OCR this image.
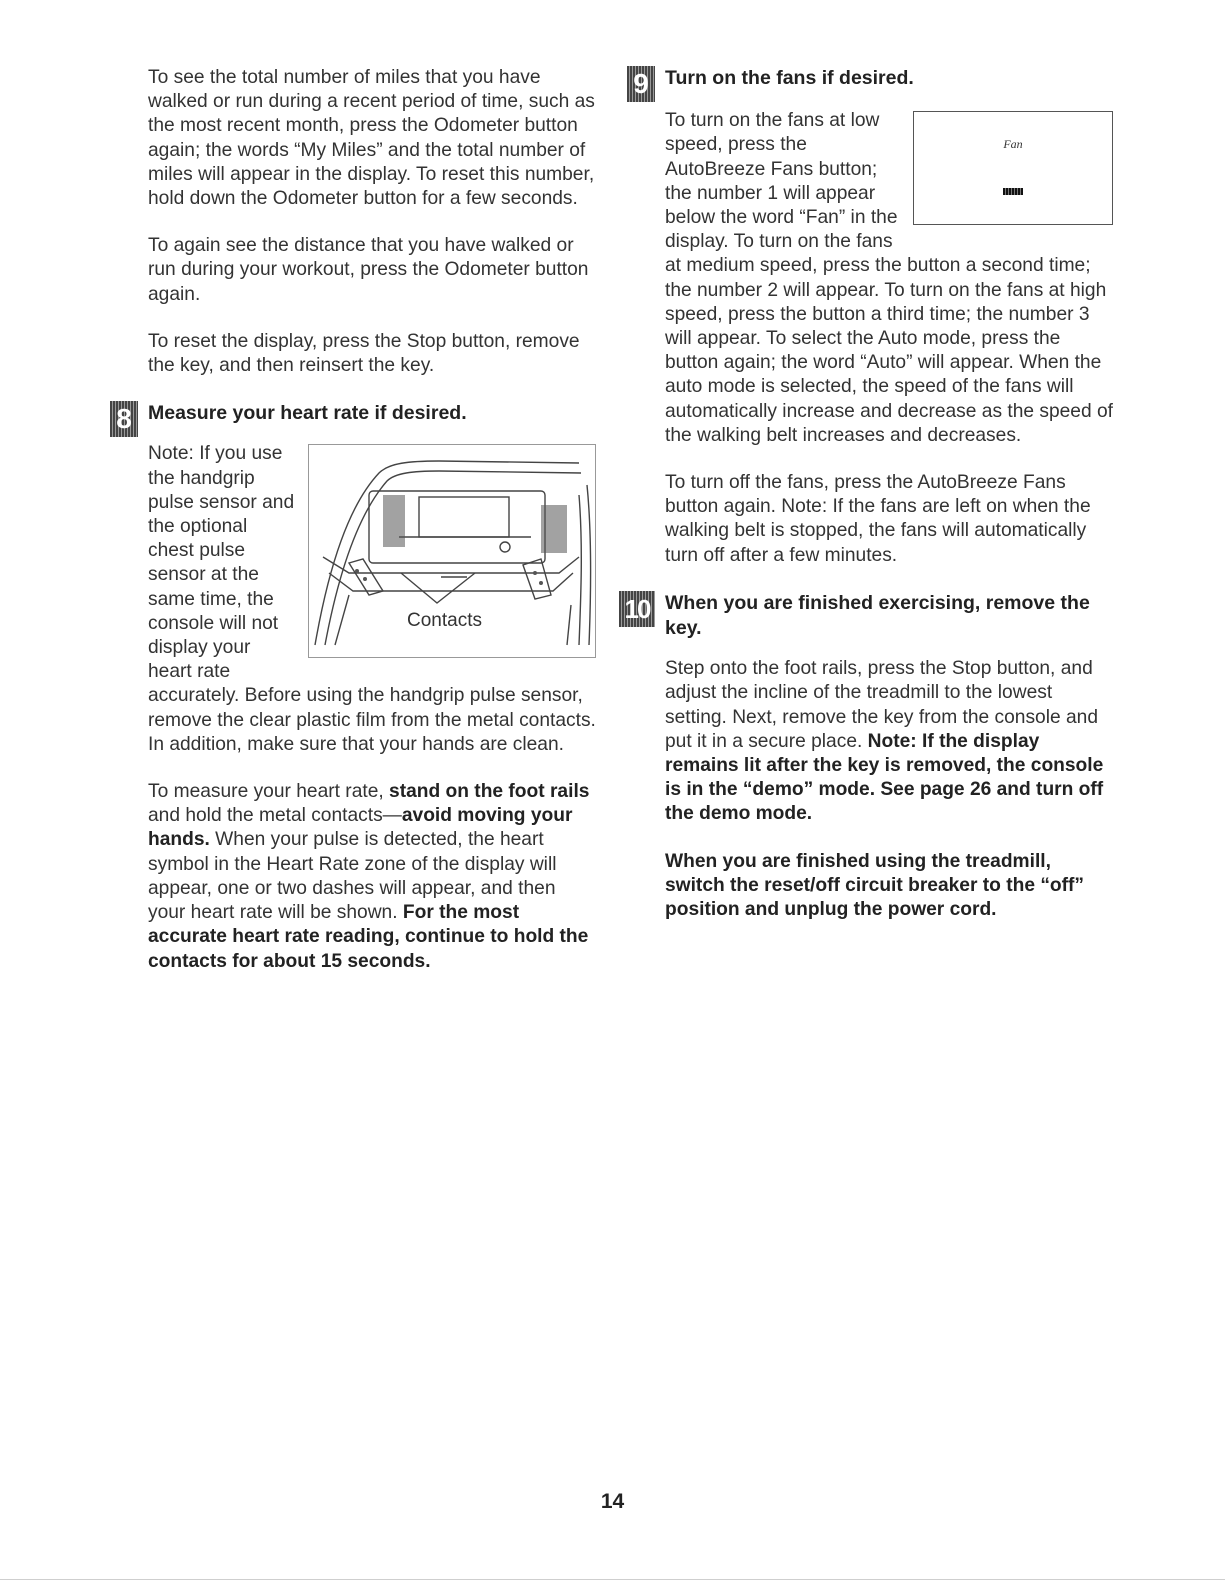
To see the total number of miles that you have walked or run during a recent period of time, such as the most recent month, press the Odometer button again; the words “My Miles” and the total number of miles will appear in the display. To reset this number, hold down the Odometer button for a few seconds.

To again see the distance that you have walked or run during your workout, press the Odometer button again.

To reset the display, press the Stop button, remove the key, and then reinsert the key.

8 Measure your heart rate if desired.
Contacts

Note: If you use the handgrip pulse sensor and the optional chest pulse sensor at the same time, the console will not display your heart rate accurately. Before using the handgrip pulse sensor, remove the clear plastic film from the metal contacts. In addition, make sure that your hands are clean.

To measure your heart rate, stand on the foot rails and hold the metal contacts—avoid moving your hands. When your pulse is detected, the heart symbol in the Heart Rate zone of the display will appear, one or two dashes will appear, and then your heart rate will be shown. For the most accurate heart rate reading, continue to hold the contacts for about 15 seconds.

9 Turn on the fans if desired.
Fan

To turn on the fans at low speed, press the AutoBreeze Fans button; the number 1 will appear below the word “Fan” in the display. To turn on the fans at medium speed, press the button a second time; the number 2 will appear. To turn on the fans at high speed, press the button a third time; the number 3 will appear. To select the Auto mode, press the button again; the word “Auto” will appear. When the auto mode is selected, the speed of the fans will automatically increase and decrease as the speed of the walking belt increases and decreases.

To turn off the fans, press the AutoBreeze Fans button again. Note: If the fans are left on when the walking belt is stopped, the fans will automatically turn off after a few minutes.

10 When you are finished exercising, remove the key.

Step onto the foot rails, press the Stop button, and adjust the incline of the treadmill to the lowest setting. Next, remove the key from the console and put it in a secure place. Note: If the display remains lit after the key is removed, the console is in the “demo” mode. See page 26 and turn off the demo mode.

When you are finished using the treadmill, switch the reset/off circuit breaker to the “off” position and unplug the power cord.

14
